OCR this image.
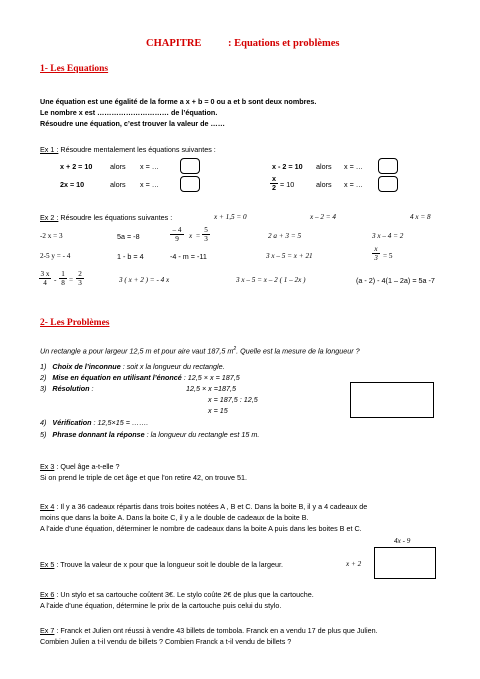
CHAPITRE	: Equations et problèmes
1- Les Equations
Une équation est une égalité de la forme a x + b = 0 ou a et b sont deux nombres.
Le nombre x est ………………………… de l’équation.
Résoudre une équation, c’est trouver la valeur de ……
Ex 1 : Résoudre mentalement les équations suivantes :
x + 2 = 10 alors x = …	x - 2 = 10 alors x = …
2x = 10	alors x = …	$\frac{x}{2} = 10$	alors x = …
Ex 2 : Résoudre les équations suivantes :	x + 1,5 = 0	x – 2 = 4	4 x = 8
-2 x = 3	5a = -8	$\frac{- 4}{9}$ $x = \frac{5}{3}$	2 a + 3 = 5	3 x – 4 = 2
2-5 y = - 4	1 - b = 4	-4 - m = -11	3 x – 5 = x + 21	$\frac{x}{3} = 5$
$\frac{3 x}{4} - \frac{1}{8} = \frac{2}{3}$	3 ( x + 2 ) = - 4 x	3 x – 5 = x – 2 ( 1 – 2x )	(a - 2) - 4(1 – 2a) = 5a -7
2- Les Problèmes
Un rectangle a pour largeur 12,5 m et pour aire vaut 187,5 $m^2$. Quelle est la mesure de la longueur ?
1) Choix de l’inconnue : soit x la longueur du rectangle.
2) Mise en équation en utilisant l’énoncé : 12,5 × x = 187,5
3) Résolution :	12,5 × x =187,5
x = 187,5 : 12,5
x = 15
4) Vérification : 12,5×15 = …….
5) Phrase donnant la réponse : la longueur du rectangle est 15 m.
Ex 3 : Quel âge a-t-elle ?
Si on prend le triple de cet âge et que l’on retire 42, on trouve 51.
Ex 4 : Il y a 36 cadeaux répartis dans trois boites notées A , B et C. Dans la boite B, il y a 4 cadeaux de
moins que dans la boite A. Dans la boite C, il y a le double de cadeaux de la boite B.
A l’aide d’une équation, déterminer le nombre de cadeaux dans la boite A puis dans les boites B et C.
Ex 5 : Trouve la valeur de x pour que la longueur soit le double de la largeur.
4x - 9
x + 2
Ex 6 : Un stylo et sa cartouche coûtent 3€. Le stylo coûte 2€ de plus que la cartouche.
A l’aide d’une équation, détermine le prix de la cartouche puis celui du stylo.
Ex 7 : Franck et Julien ont réussi à vendre 43 billets de tombola. Franck en a vendu 17 de plus que Julien.
Combien Julien a t-il vendu de billets ? Combien Franck a t-il vendu de billets ?
